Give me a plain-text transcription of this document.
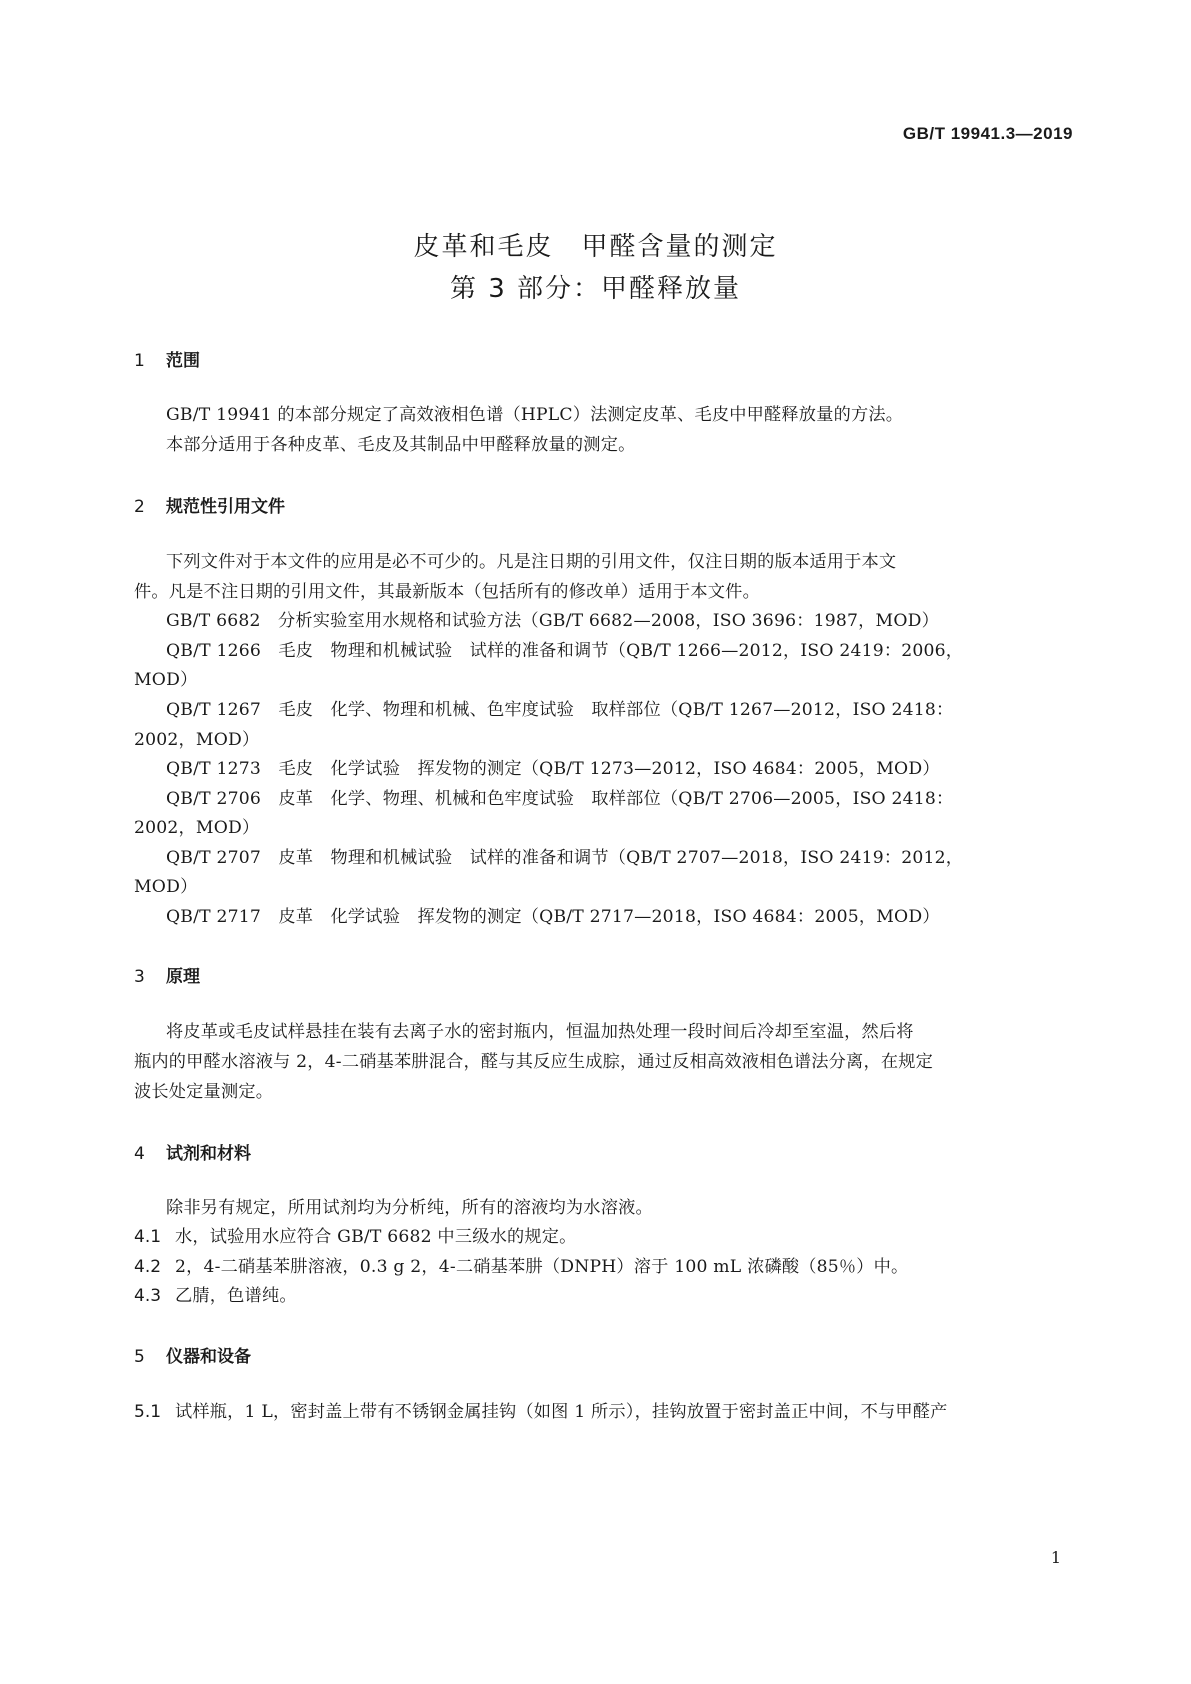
GB/T 19941.3—2019
皮革和毛皮　甲醛含量的测定
第 3 部分：甲醛释放量
1 范围
GB/T 19941 的本部分规定了高效液相色谱（HPLC）法测定皮革、毛皮中甲醛释放量的方法。
本部分适用于各种皮革、毛皮及其制品中甲醛释放量的测定。
2 规范性引用文件
下列文件对于本文件的应用是必不可少的。凡是注日期的引用文件，仅注日期的版本适用于本文
件。凡是不注日期的引用文件，其最新版本（包括所有的修改单）适用于本文件。
GB/T 6682　分析实验室用水规格和试验方法（GB/T 6682—2008，ISO 3696：1987，MOD）
QB/T 1266　毛皮　物理和机械试验　试样的准备和调节（QB/T 1266—2012，ISO 2419：2006，
MOD）
QB/T 1267　毛皮　化学、物理和机械、色牢度试验　取样部位（QB/T 1267—2012，ISO 2418：
2002，MOD）
QB/T 1273　毛皮　化学试验　挥发物的测定（QB/T 1273—2012，ISO 4684：2005，MOD）
QB/T 2706　皮革　化学、物理、机械和色牢度试验　取样部位（QB/T 2706—2005，ISO 2418：
2002，MOD）
QB/T 2707　皮革　物理和机械试验　试样的准备和调节（QB/T 2707—2018，ISO 2419：2012，
MOD）
QB/T 2717　皮革　化学试验　挥发物的测定（QB/T 2717—2018，ISO 4684：2005，MOD）
3 原理
将皮革或毛皮试样悬挂在装有去离子水的密封瓶内，恒温加热处理一段时间后冷却至室温，然后将
瓶内的甲醛水溶液与 2，4-二硝基苯肼混合，醛与其反应生成腙，通过反相高效液相色谱法分离，在规定
波长处定量测定。
4 试剂和材料
除非另有规定，所用试剂均为分析纯，所有的溶液均为水溶液。
4.1 水，试验用水应符合 GB/T 6682 中三级水的规定。
4.2 2，4-二硝基苯肼溶液，0.3 g 2，4-二硝基苯肼（DNPH）溶于 100 mL 浓磷酸（85％）中。
4.3 乙腈，色谱纯。
5 仪器和设备
5.1 试样瓶，1 L，密封盖上带有不锈钢金属挂钩（如图 1 所示），挂钩放置于密封盖正中间，不与甲醛产
1
